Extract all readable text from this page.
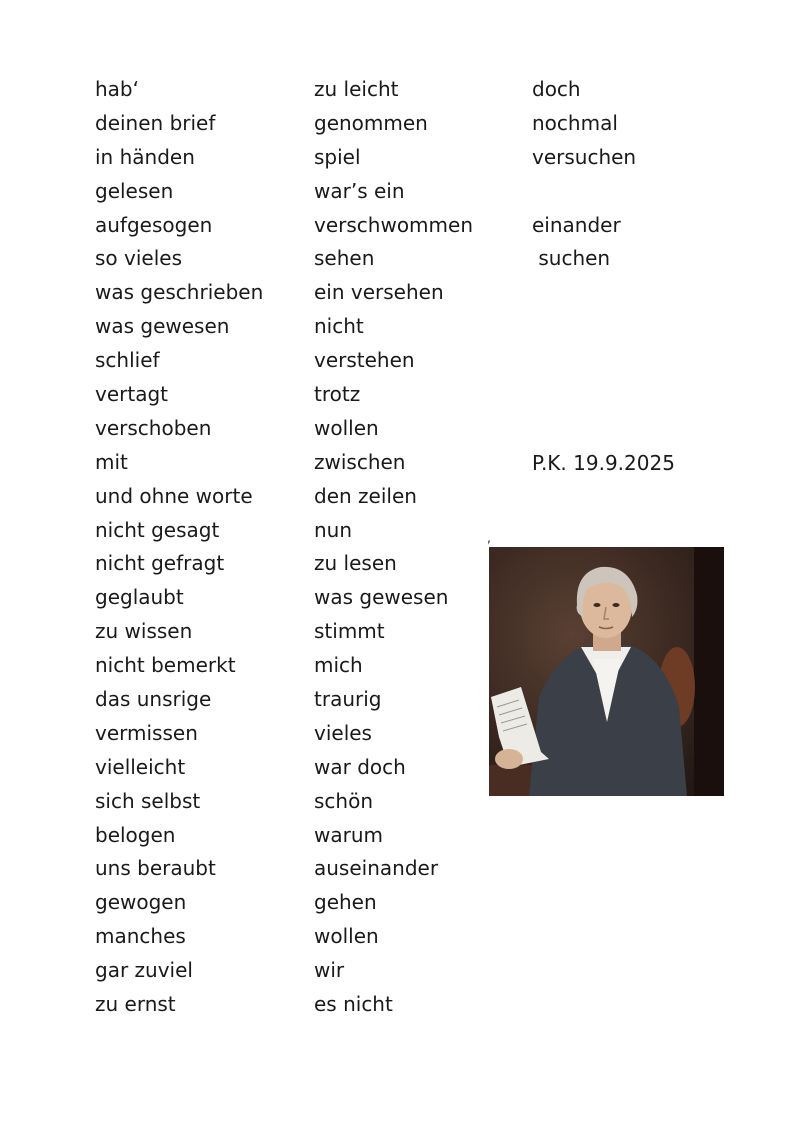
hab‘
deinen brief
in händen
gelesen
aufgesogen
so vieles
was geschrieben
was gewesen
schlief
vertagt
verschoben
mit
und ohne worte
nicht gesagt
nicht gefragt
geglaubt
zu wissen
nicht bemerkt
das unsrige
vermissen
vielleicht
sich selbst
belogen
uns beraubt
gewogen
manches
gar zuviel
zu ernst
zu leicht
genommen
spiel
war’s ein
verschwommen
sehen
ein versehen
nicht
verstehen
trotz
wollen
zwischen
den zeilen
nun
zu lesen
was gewesen
stimmt
mich
traurig
vieles
war doch
schön
warum
auseinander
gehen
wollen
wir
es nicht
doch
nochmal
versuchen
einander
suchen
P.K. 19.9.2025
‚
